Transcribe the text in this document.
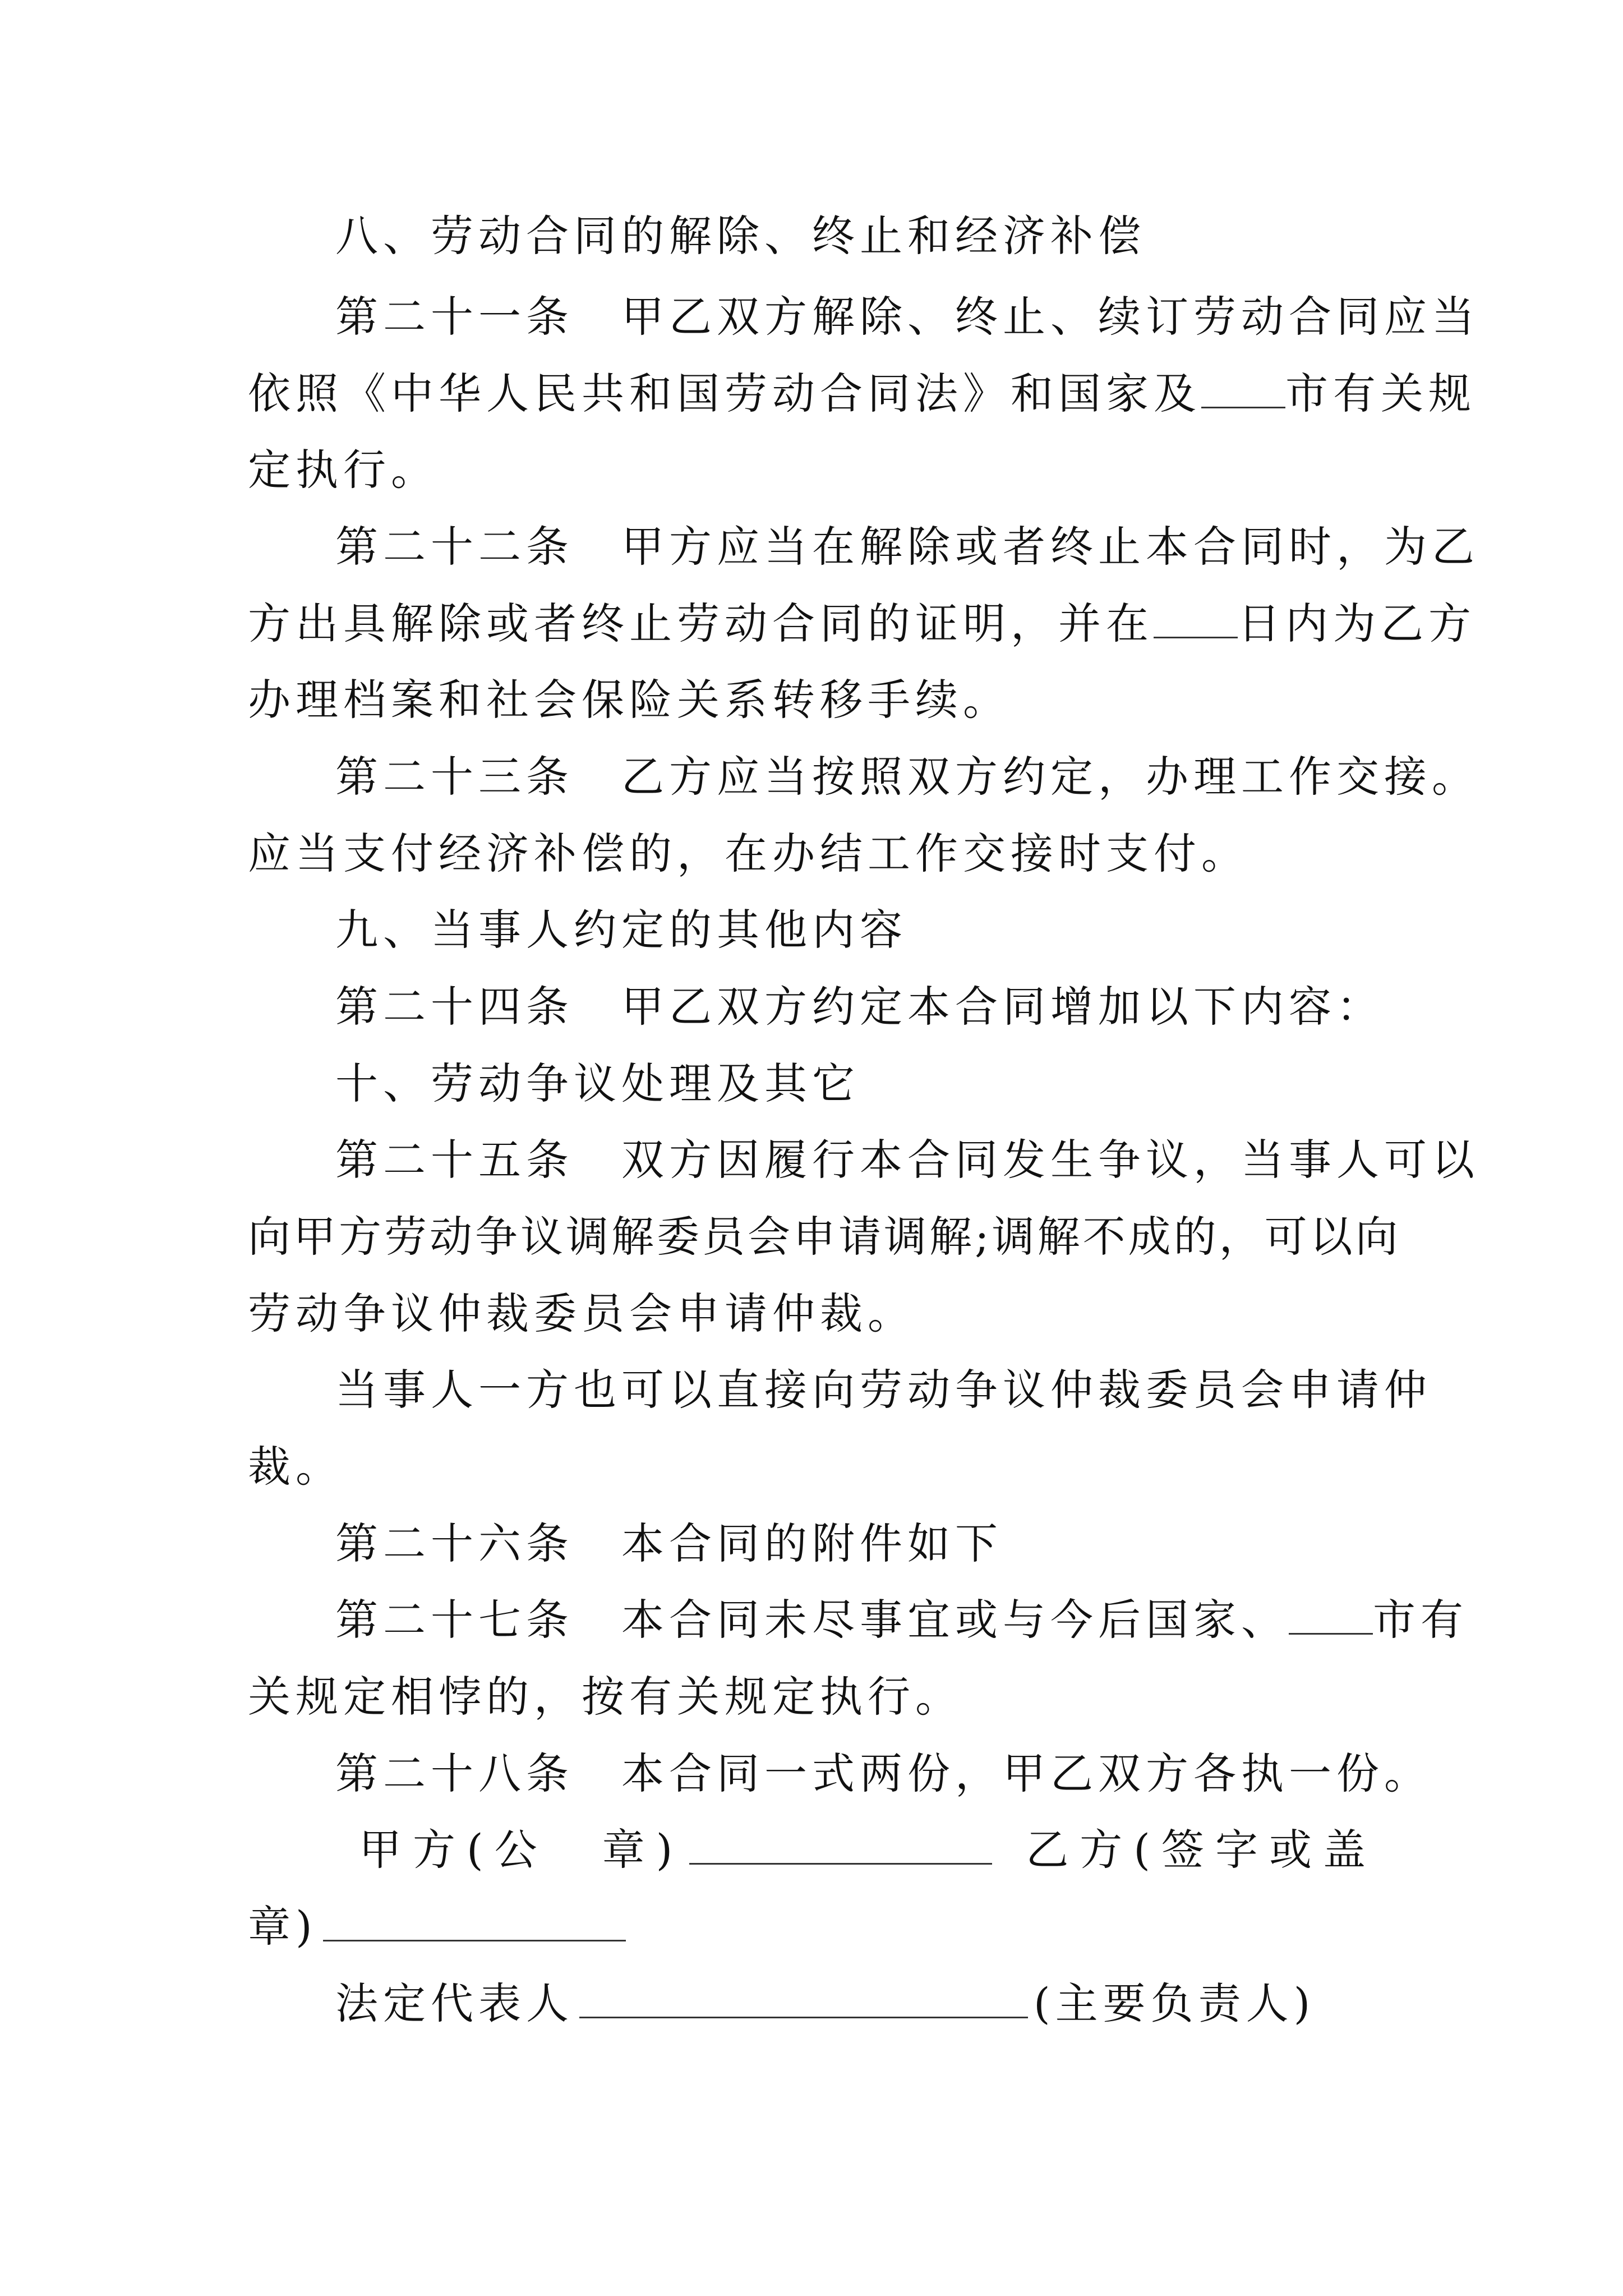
八、劳动合同的解除、终止和经济补偿
第二十一条　甲乙双方解除、终止、续订劳动合同应当
依照《中华人民共和国劳动合同法》和国家及 市有关规
定执行。
第二十二条　甲方应当在解除或者终止本合同时，为乙
方出具解除或者终止劳动合同的证明，并在 日内为乙方
办理档案和社会保险关系转移手续。
第二十三条　乙方应当按照双方约定，办理工作交接。
应当支付经济补偿的，在办结工作交接时支付。
九、当事人约定的其他内容
第二十四条　甲乙双方约定本合同增加以下内容：
十、劳动争议处理及其它
第二十五条　双方因履行本合同发生争议，当事人可以
向甲方劳动争议调解委员会申请调解;调解不成的，可以向
劳动争议仲裁委员会申请仲裁。
当事人一方也可以直接向劳动争议仲裁委员会申请仲
裁。
第二十六条　本合同的附件如下
第二十七条　本合同未尽事宜或与今后国家、 市有
关规定相悖的，按有关规定执行。
第二十八条　本合同一式两份，甲乙双方各执一份。
甲方(公　章)	乙方(签字或盖
章)
法定代表人	(主要负责人)
